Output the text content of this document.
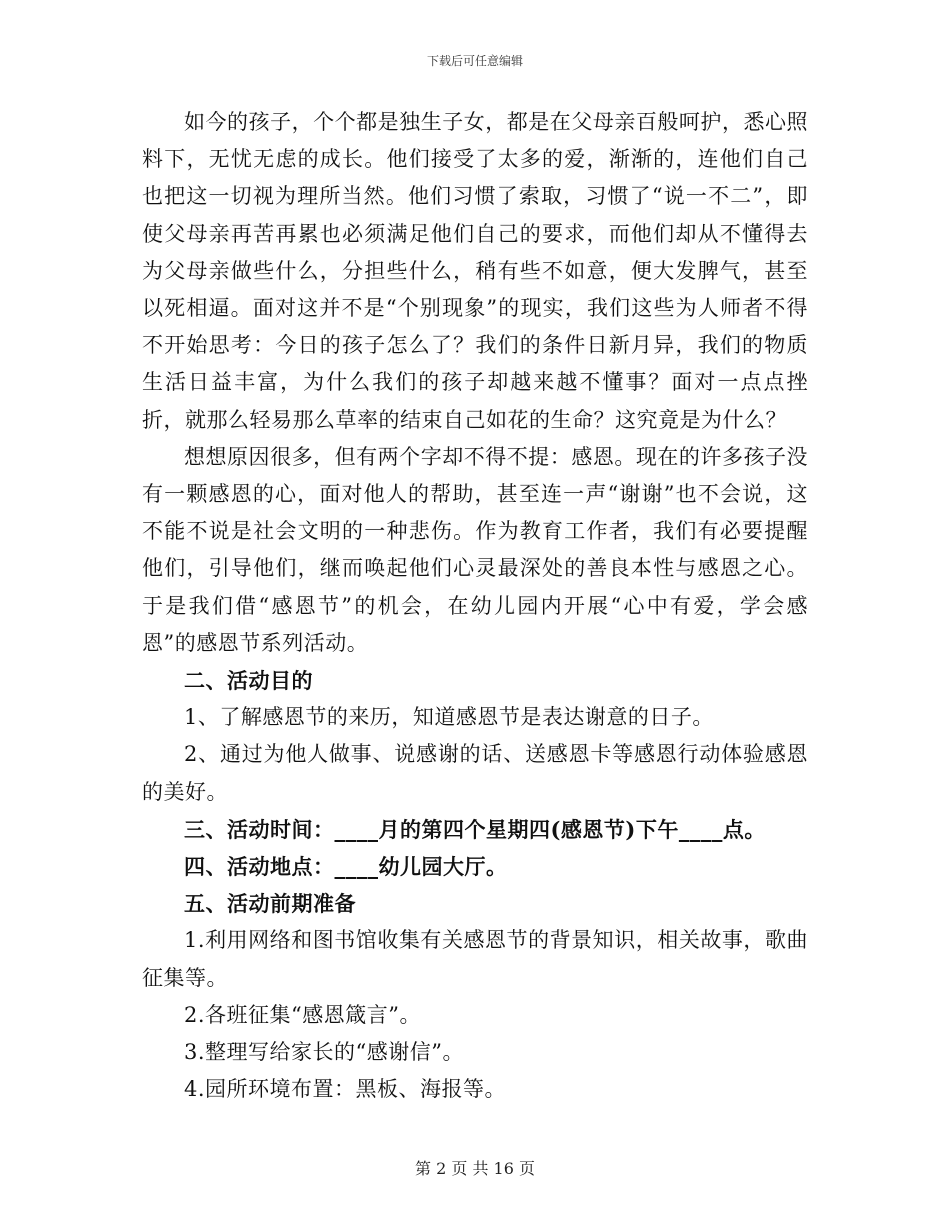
下载后可任意编辑

如今的孩子，个个都是独生子女，都是在父母亲百般呵护，悉心照料下，无忧无虑的成长。他们接受了太多的爱，渐渐的，连他们自己也把这一切视为理所当然。他们习惯了索取，习惯了“说一不二”，即使父母亲再苦再累也必须满足他们自己的要求，而他们却从不懂得去为父母亲做些什么，分担些什么，稍有些不如意，便大发脾气，甚至以死相逼。面对这并不是“个别现象”的现实，我们这些为人师者不得不开始思考：今日的孩子怎么了？我们的条件日新月异，我们的物质生活日益丰富，为什么我们的孩子却越来越不懂事？面对一点点挫折，就那么轻易那么草率的结束自己如花的生命？这究竟是为什么？

想想原因很多，但有两个字却不得不提：感恩。现在的许多孩子没有一颗感恩的心，面对他人的帮助，甚至连一声“谢谢”也不会说，这不能不说是社会文明的一种悲伤。作为教育工作者，我们有必要提醒他们，引导他们，继而唤起他们心灵最深处的善良本性与感恩之心。于是我们借“感恩节”的机会，在幼儿园内开展“心中有爱，学会感恩”的感恩节系列活动。

二、活动目的

1、了解感恩节的来历，知道感恩节是表达谢意的日子。

2、通过为他人做事、说感谢的话、送感恩卡等感恩行动体验感恩的美好。

三、活动时间：____月的第四个星期四(感恩节)下午____点。

四、活动地点：____幼儿园大厅。

五、活动前期准备

1.利用网络和图书馆收集有关感恩节的背景知识，相关故事，歌曲征集等。

2.各班征集“感恩箴言”。

3.整理写给家长的“感谢信”。

4.园所环境布置：黑板、海报等。

第 2 页 共 16 页
